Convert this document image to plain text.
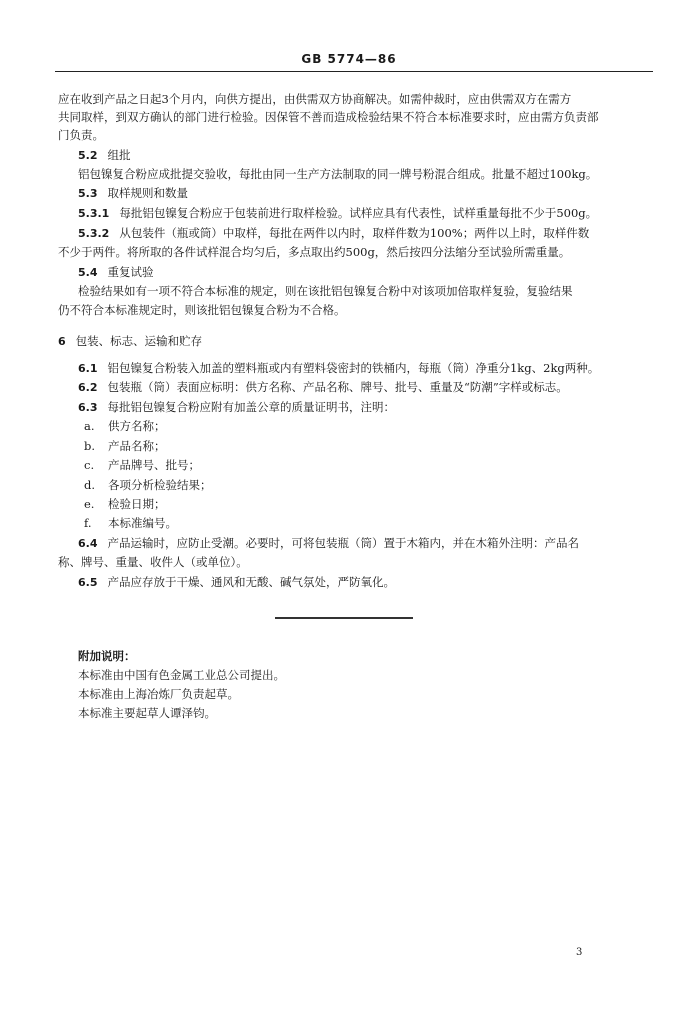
GB 5774—86
应在收到产品之日起3个月内，向供方提出，由供需双方协商解决。如需仲裁时，应由供需双方在需方
共同取样，到双方确认的部门进行检验。因保管不善而造成检验结果不符合本标准要求时，应由需方负责部
门负责。
5.2 组批
铝包镍复合粉应成批提交验收，每批由同一生产方法制取的同一牌号粉混合组成。批量不超过100kg。
5.3 取样规则和数量
5.3.1 每批铝包镍复合粉应于包装前进行取样检验。试样应具有代表性，试样重量每批不少于500g。
5.3.2 从包装件（瓶或筒）中取样，每批在两件以内时，取样件数为100%；两件以上时，取样件数
不少于两件。将所取的各件试样混合均匀后，多点取出约500g，然后按四分法缩分至试验所需重量。
5.4 重复试验
检验结果如有一项不符合本标准的规定，则在该批铝包镍复合粉中对该项加倍取样复验，复验结果
仍不符合本标准规定时，则该批铝包镍复合粉为不合格。
6 包装、标志、运输和贮存
6.1 铝包镍复合粉装入加盖的塑料瓶或内有塑料袋密封的铁桶内，每瓶（筒）净重分1kg、2kg两种。
6.2 包装瓶（筒）表面应标明：供方名称、产品名称、牌号、批号、重量及“防潮”字样或标志。
6.3 每批铝包镍复合粉应附有加盖公章的质量证明书，注明：
a. 供方名称；
b. 产品名称；
c. 产品牌号、批号；
d. 各项分析检验结果；
e. 检验日期；
f. 本标准编号。
6.4 产品运输时，应防止受潮。必要时，可将包装瓶（筒）置于木箱内，并在木箱外注明：产品名
称、牌号、重量、收件人（或单位）。
6.5 产品应存放于干燥、通风和无酸、碱气氛处，严防氧化。
附加说明：
本标准由中国有色金属工业总公司提出。
本标准由上海冶炼厂负责起草。
本标准主要起草人谭泽钧。
3
